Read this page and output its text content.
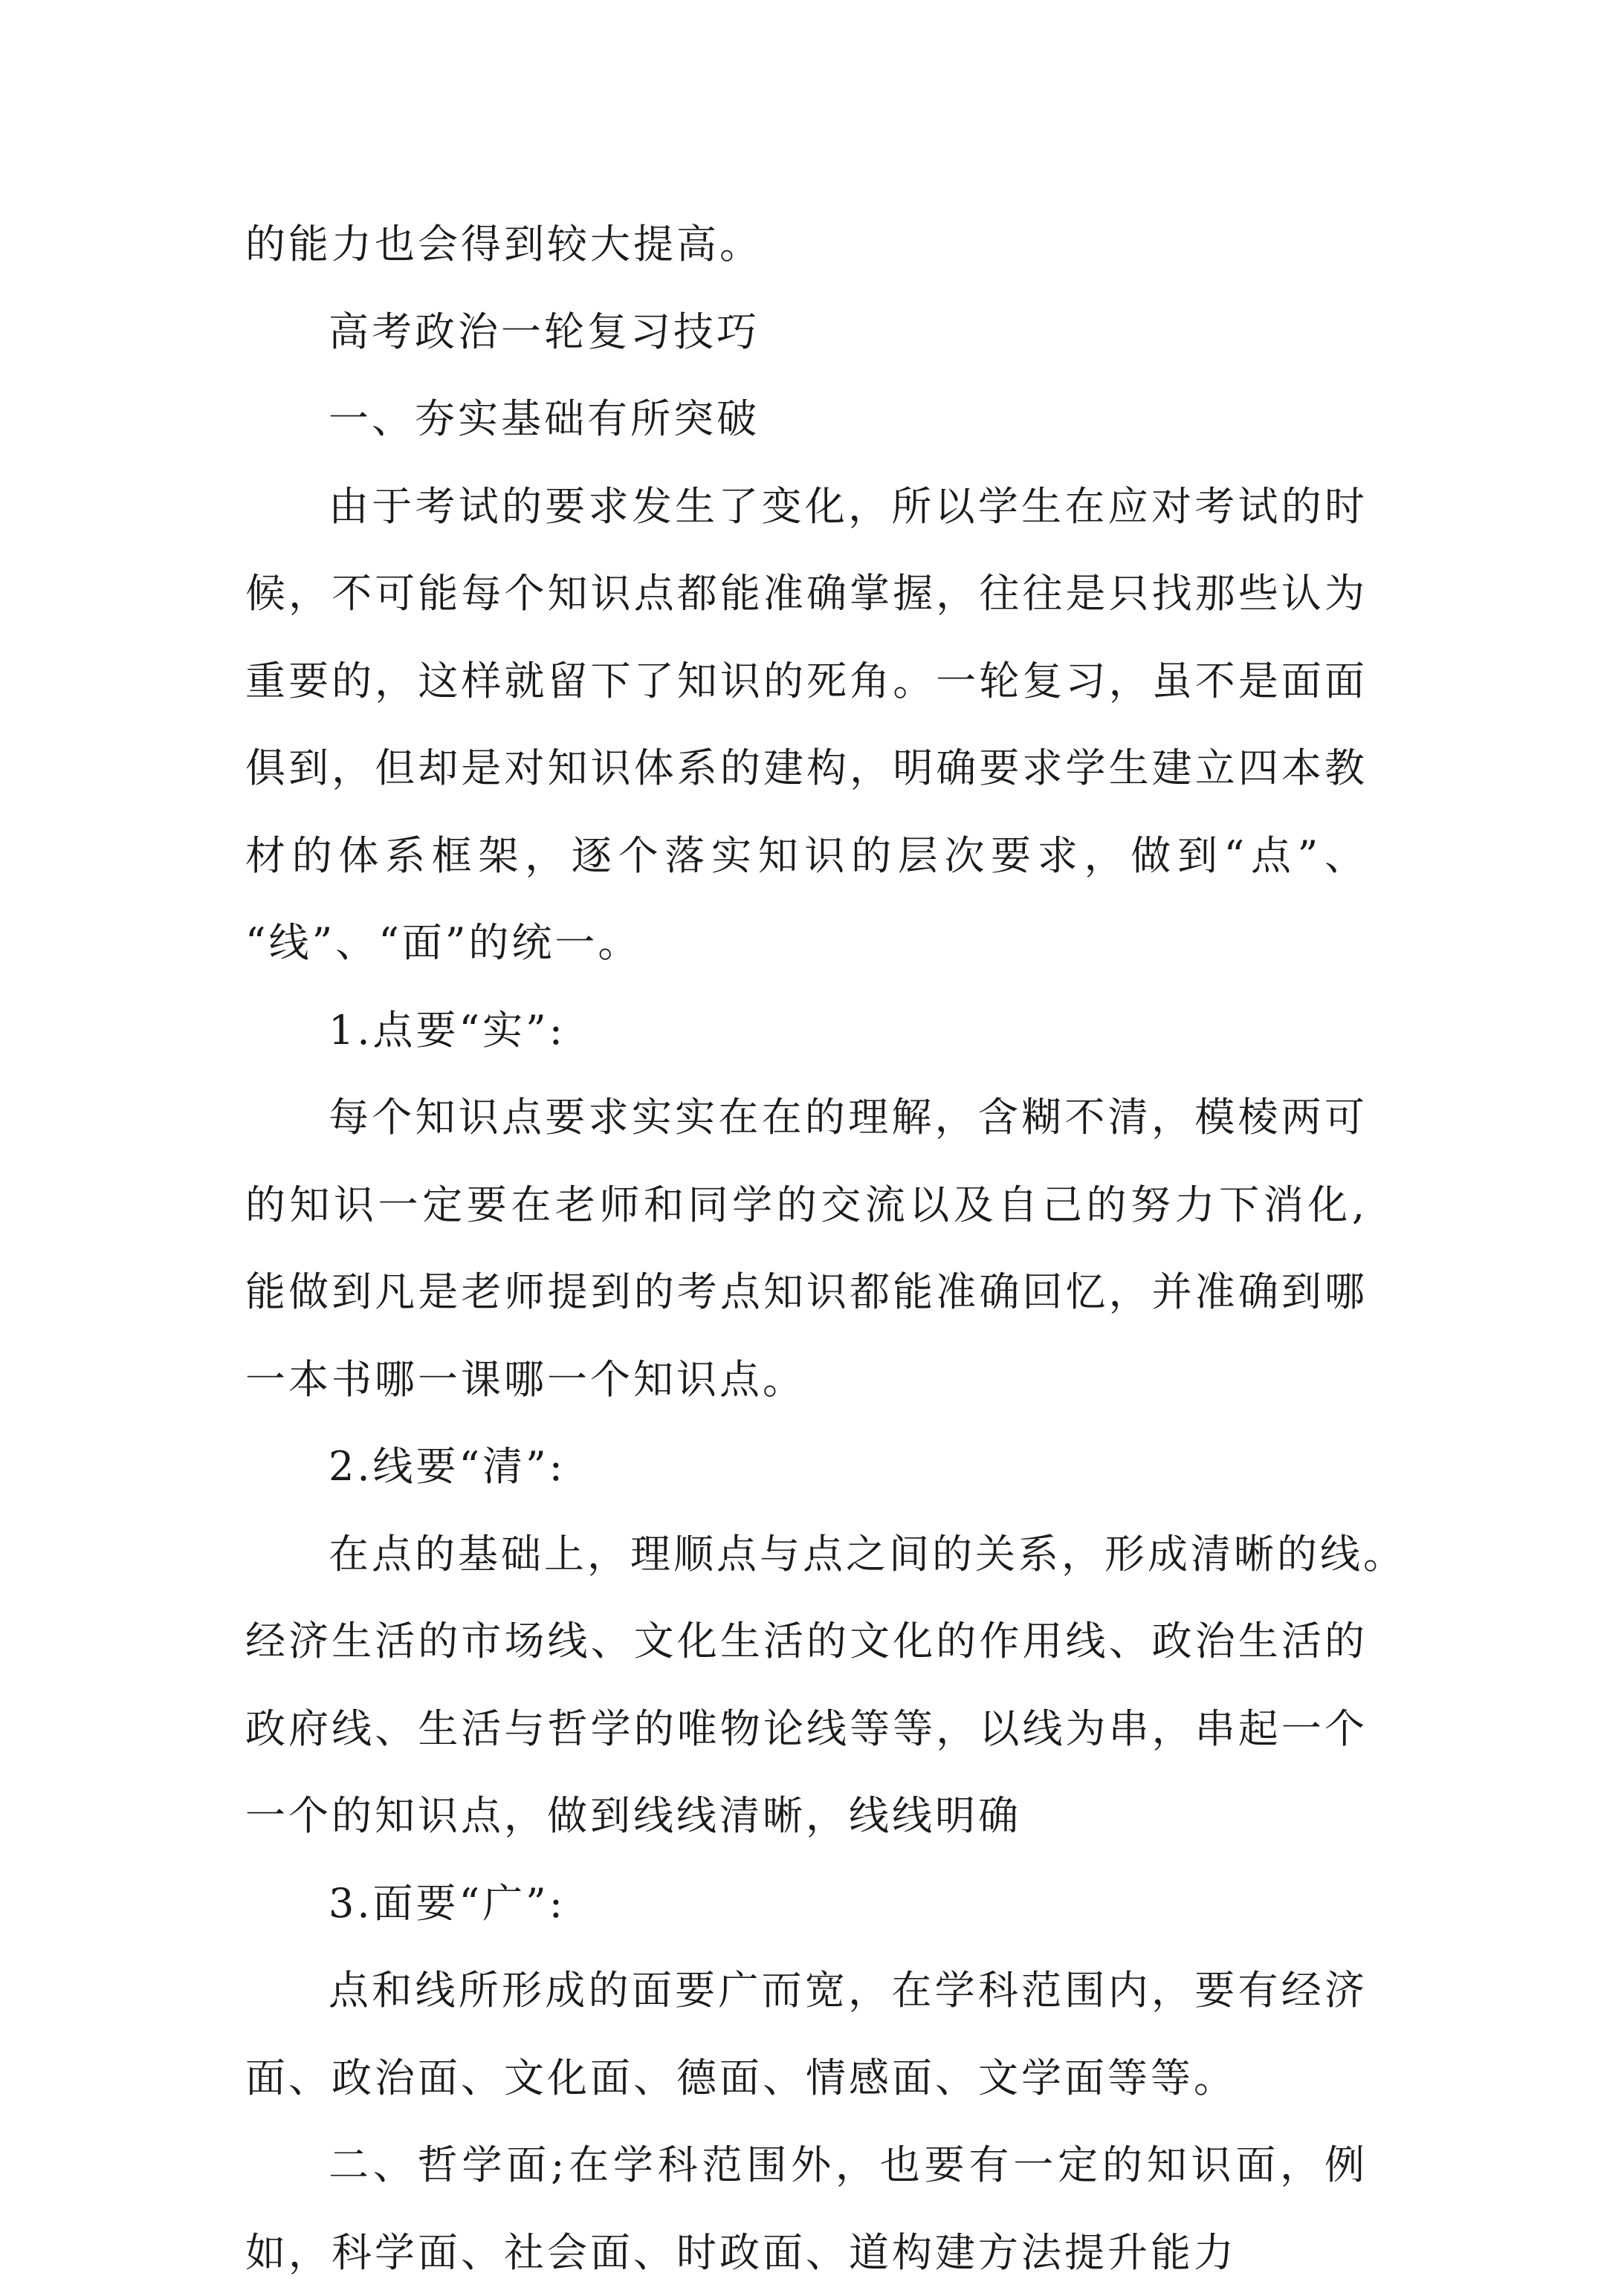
的能力也会得到较大提高。
高考政治一轮复习技巧
一、夯实基础有所突破
由于考试的要求发生了变化，所以学生在应对考试的时
候，不可能每个知识点都能准确掌握，往往是只找那些认为
重要的，这样就留下了知识的死角。一轮复习，虽不是面面
俱到，但却是对知识体系的建构，明确要求学生建立四本教
材的体系框架，逐个落实知识的层次要求，做到“点”、
“线”、“面”的统一。
1.点要“实”:
每个知识点要求实实在在的理解，含糊不清，模棱两可
的知识一定要在老师和同学的交流以及自己的努力下消化,
能做到凡是老师提到的考点知识都能准确回忆，并准确到哪
一本书哪一课哪一个知识点。
2.线要“清”:
在点的基础上，理顺点与点之间的关系，形成清晰的线。
经济生活的市场线、文化生活的文化的作用线、政治生活的
政府线、生活与哲学的唯物论线等等，以线为串，串起一个
一个的知识点，做到线线清晰，线线明确
3.面要“广”:
点和线所形成的面要广而宽，在学科范围内，要有经济
面、政治面、文化面、德面、情感面、文学面等等。
二、哲学面;在学科范围外，也要有一定的知识面，例
如，科学面、社会面、时政面、道构建方法提升能力
